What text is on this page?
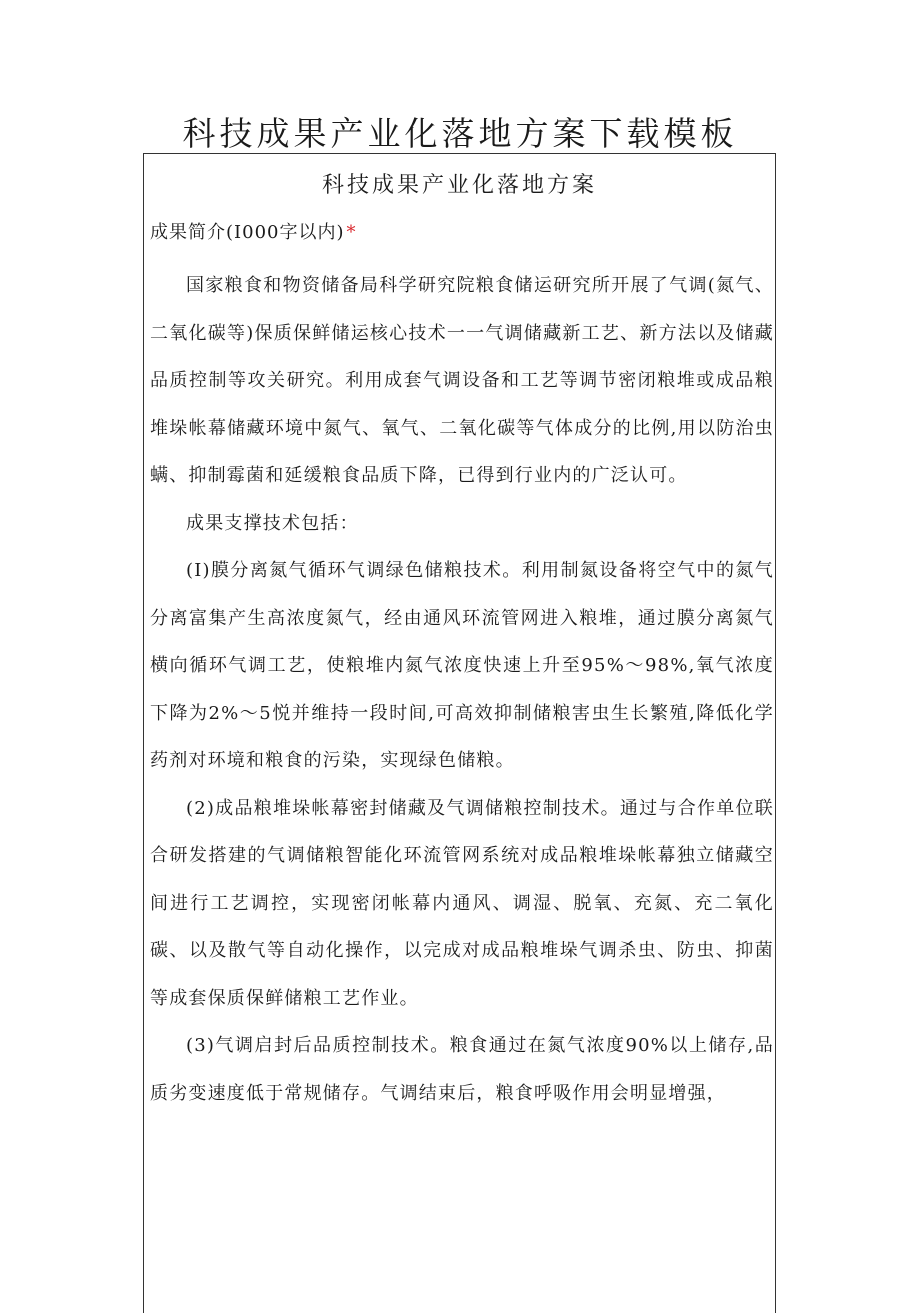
科技成果产业化落地方案下载模板
科技成果产业化落地方案
成果简介(I000字以内) *

国家粮食和物资储备局科学研究院粮食储运研究所开展了气调(氮气、二氧化碳等)保质保鲜储运核心技术一一气调储藏新工艺、新方法以及储藏品质控制等攻关研究。利用成套气调设备和工艺等调节密闭粮堆或成品粮堆垛帐幕储藏环境中氮气、氧气、二氧化碳等气体成分的比例,用以防治虫螨、抑制霉菌和延缓粮食品质下降，已得到行业内的广泛认可。

成果支撑技术包括：

(I)膜分离氮气循环气调绿色储粮技术。利用制氮设备将空气中的氮气分离富集产生高浓度氮气，经由通风环流管网进入粮堆，通过膜分离氮气横向循环气调工艺，使粮堆内氮气浓度快速上升至95%～98%,氧气浓度下降为2%～5悦并维持一段时间,可高效抑制储粮害虫生长繁殖,降低化学药剂对环境和粮食的污染，实现绿色储粮。

(2)成品粮堆垛帐幕密封储藏及气调储粮控制技术。通过与合作单位联合研发搭建的气调储粮智能化环流管网系统对成品粮堆垛帐幕独立储藏空间进行工艺调控，实现密闭帐幕内通风、调湿、脱氧、充氮、充二氧化碳、以及散气等自动化操作，以完成对成品粮堆垛气调杀虫、防虫、抑菌等成套保质保鲜储粮工艺作业。

(3)气调启封后品质控制技术。粮食通过在氮气浓度90%以上储存,品质劣变速度低于常规储存。气调结束后，粮食呼吸作用会明显增强，
